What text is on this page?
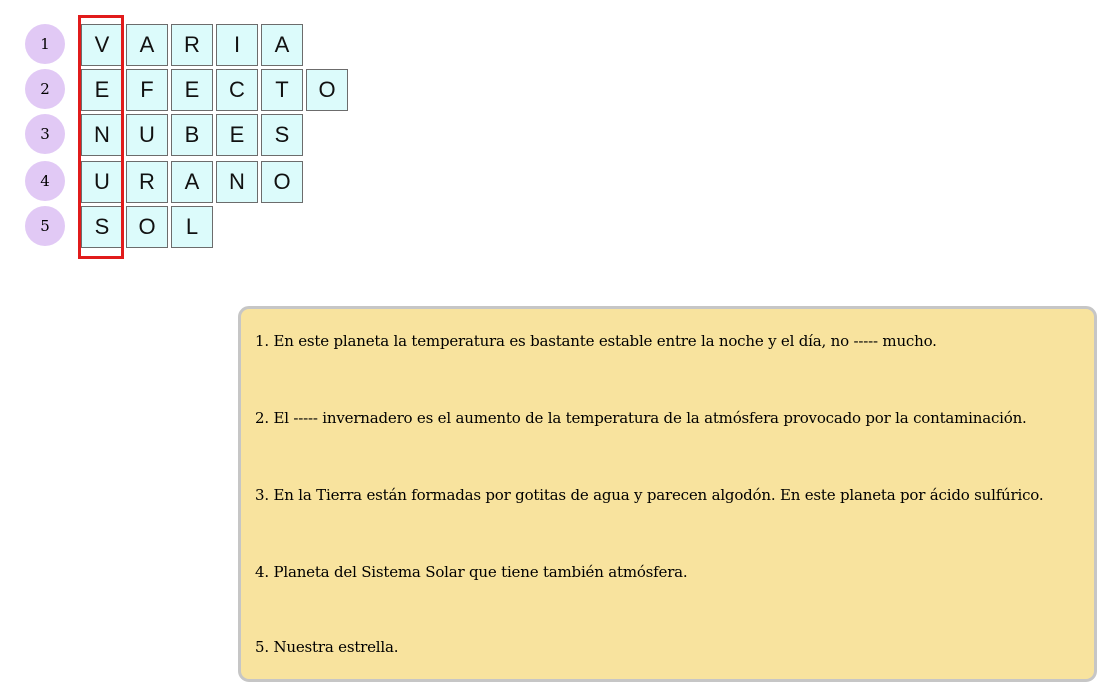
1	V	A	R	I	A
2	E	F	E	C	T	O
3	N	U	B	E	S
4	U	R	A	N	O
5	S	O	L
1. En este planeta la temperatura es bastante estable entre la noche y el día, no ----- mucho.
2. El ----- invernadero es el aumento de la temperatura de la atmósfera provocado por la contaminación.
3. En la Tierra están formadas por gotitas de agua y parecen algodón. En este planeta por ácido sulfúrico.
4. Planeta del Sistema Solar que tiene también atmósfera.
5. Nuestra estrella.
